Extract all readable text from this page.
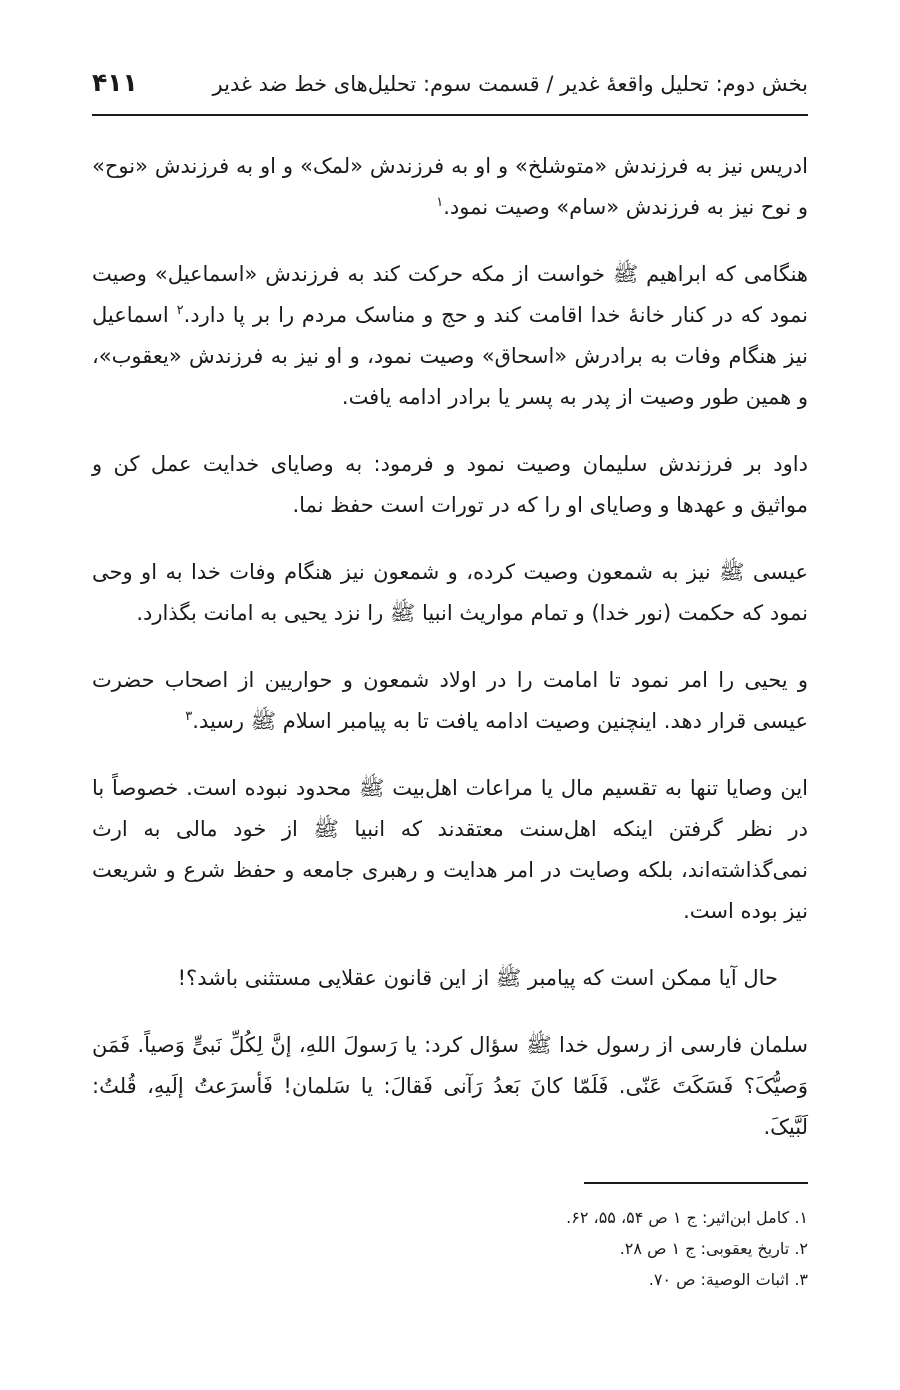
بخش دوم: تحلیل واقعهٔ غدیر / قسمت سوم: تحلیل‌های خط ضد غدیر
۴۱۱

ادریس نیز به فرزندش «متوشلخ» و او به فرزندش «لمک» و او به فرزندش «نوح» و نوح نیز به فرزندش «سام» وصیت نمود.$^۱$

هنگامی که ابراهیم ﷺ خواست از مکه حرکت کند به فرزندش «اسماعیل» وصیت نمود که در کنار خانهٔ خدا اقامت کند و حج و مناسک مردم را بر پا دارد.$^۲$ اسماعیل نیز هنگام وفات به برادرش «اسحاق» وصیت نمود، و او نیز به فرزندش «یعقوب»، و همین طور وصیت از پدر به پسر یا برادر ادامه یافت.

داود بر فرزندش سلیمان وصیت نمود و فرمود: به وصایای خدایت عمل کن و مواثیق و عهدها و وصایای او را که در تورات است حفظ نما.

عیسی ﷺ نیز به شمعون وصیت کرده، و شمعون نیز هنگام وفات خدا به او وحی نمود که حکمت (نور خدا) و تمام مواریث انبیا ﷺ را نزد یحیی به امانت بگذارد.

و یحیی را امر نمود تا امامت را در اولاد شمعون و حواریین از اصحاب حضرت عیسی قرار دهد. اینچنین وصیت ادامه یافت تا به پیامبر اسلام ﷺ رسید.$^۳$

این وصایا تنها به تقسیم مال یا مراعات اهل‌بیت ﷺ محدود نبوده است. خصوصاً با در نظر گرفتن اینکه اهل‌سنت معتقدند که انبیا ﷺ از خود مالی به ارث نمی‌گذاشته‌اند، بلکه وصایت در امر هدایت و رهبری جامعه و حفظ شرع و شریعت نیز بوده است.

حال آیا ممکن است که پیامبر ﷺ از این قانون عقلایی مستثنی باشد؟!

سلمان فارسی از رسول خدا ﷺ سؤال کرد: یا رَسولَ اللهِ، إنَّ لِکُلِّ نَبیٍّ وَصیاً. فَمَن وَصیُّکَ؟ فَسَکَتَ عَنّی. فَلَمّا کانَ بَعدُ رَآنی فَقالَ: یا سَلمان! فَأسرَعتُ إلَیهِ، قُلتُ: لَبَّیکَ.

۱. کامل ابن‌اثیر: ج ۱ ص ۵۴، ۵۵، ۶۲.

۲. تاریخ یعقوبی: ج ۱ ص ۲۸.

۳. اثبات الوصیة: ص ۷۰.
